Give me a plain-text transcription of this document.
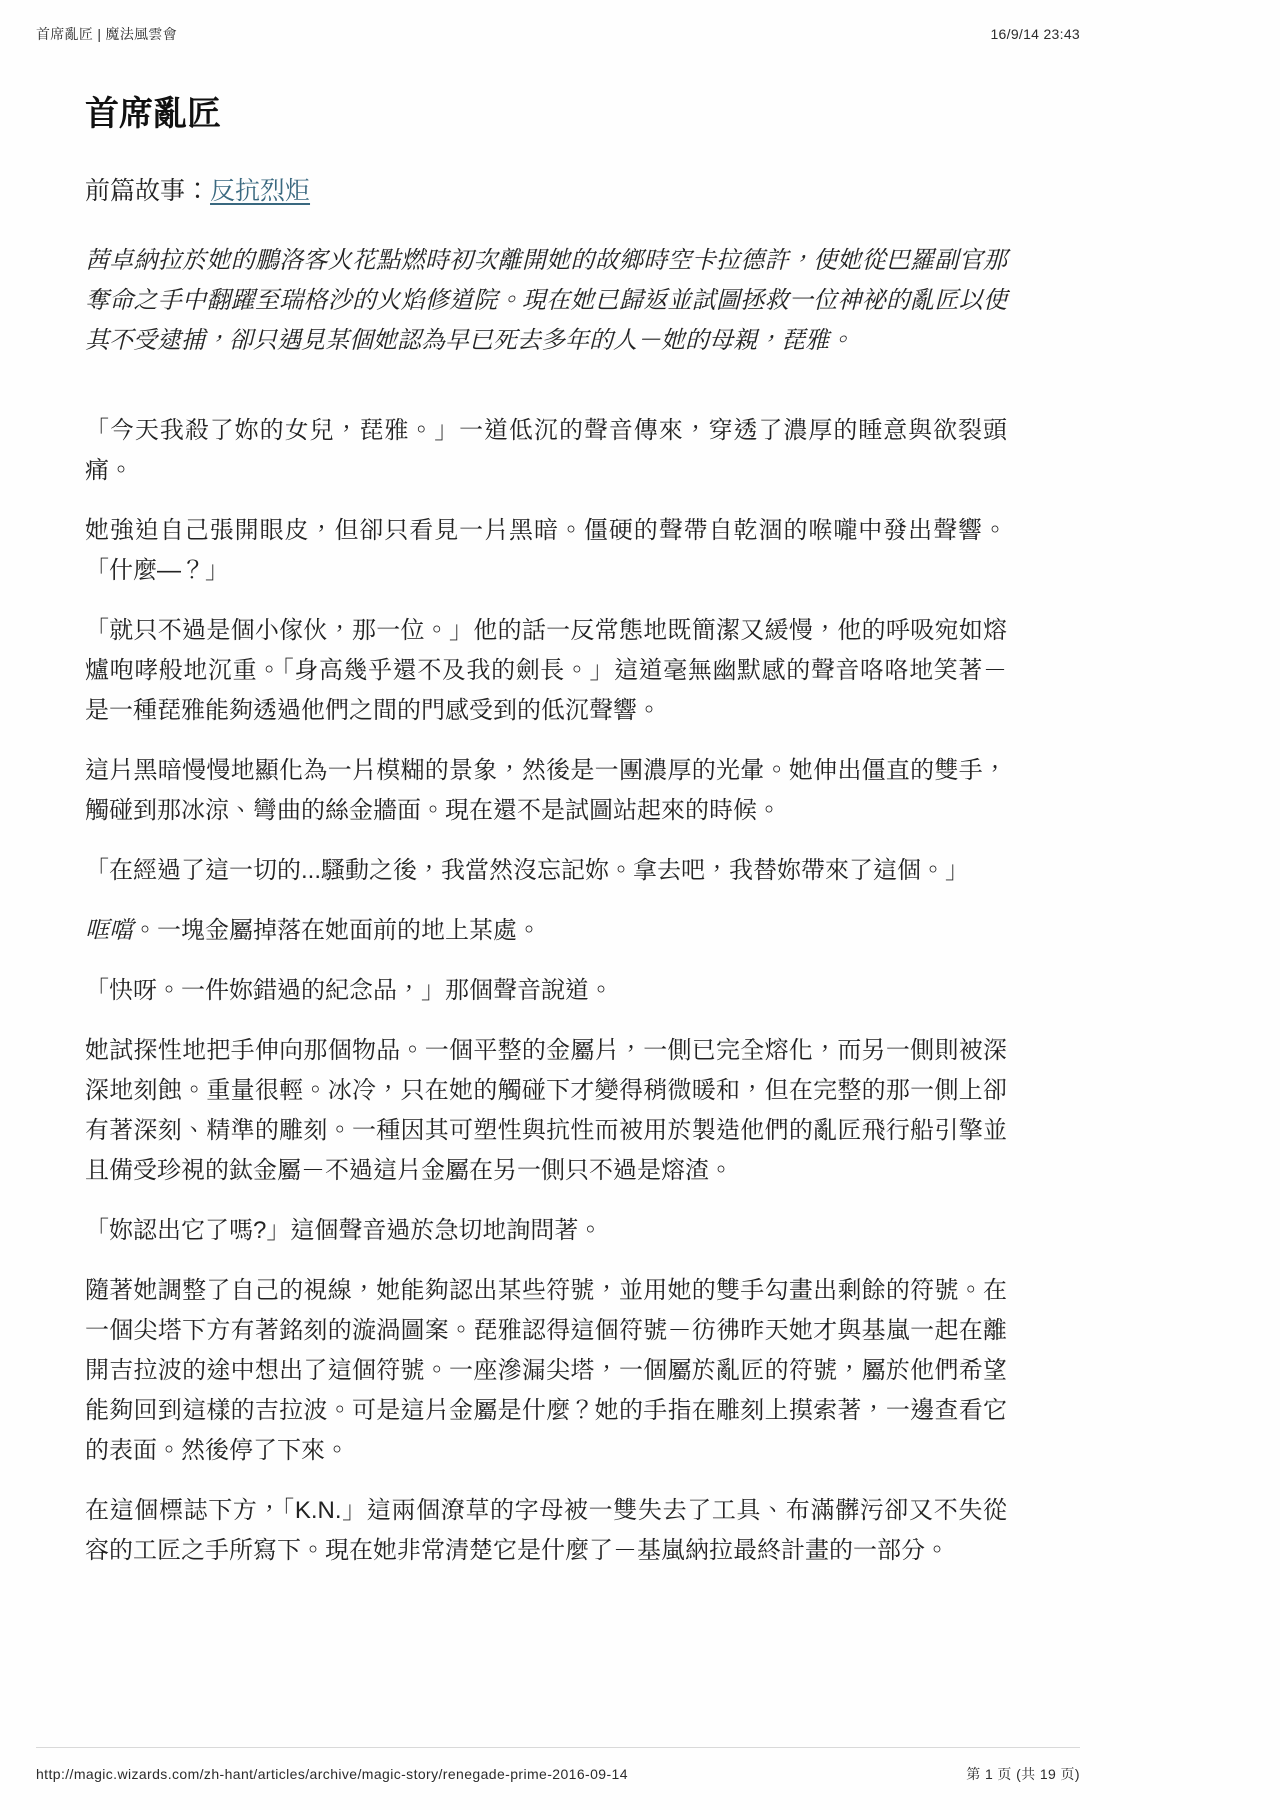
首席亂匠 | 魔法風雲會	16/9/14 23:43
首席亂匠

前篇故事：反抗烈炬

茜卓納拉於她的鵬洛客火花點燃時初次離開她的故鄉時空卡拉德許，使她從巴羅副官那奪命之手中翻躍至瑞格沙的火焰修道院。現在她已歸返並試圖拯救一位神祕的亂匠以使其不受逮捕，卻只遇見某個她認為早已死去多年的人－她的母親，琵雅。

「今天我殺了妳的女兒，琵雅。」一道低沉的聲音傳來，穿透了濃厚的睡意與欲裂頭痛。

她強迫自己張開眼皮，但卻只看見一片黑暗。僵硬的聲帶自乾涸的喉嚨中發出聲響。「什麼—？」

「就只不過是個小傢伙，那一位。」他的話一反常態地既簡潔又緩慢，他的呼吸宛如熔爐咆哮般地沉重。「身高幾乎還不及我的劍長。」這道毫無幽默感的聲音咯咯地笑著－是一種琵雅能夠透過他們之間的門感受到的低沉聲響。

這片黑暗慢慢地顯化為一片模糊的景象，然後是一團濃厚的光暈。她伸出僵直的雙手，觸碰到那冰涼、彎曲的絲金牆面。現在還不是試圖站起來的時候。

「在經過了這一切的...騷動之後，我當然沒忘記妳。拿去吧，我替妳帶來了這個。」

哐噹。一塊金屬掉落在她面前的地上某處。

「快呀。一件妳錯過的紀念品，」那個聲音說道。

她試探性地把手伸向那個物品。一個平整的金屬片，一側已完全熔化，而另一側則被深深地刻蝕。重量很輕。冰冷，只在她的觸碰下才變得稍微暖和，但在完整的那一側上卻有著深刻、精準的雕刻。一種因其可塑性與抗性而被用於製造他們的亂匠飛行船引擎並且備受珍視的鈦金屬－不過這片金屬在另一側只不過是熔渣。

「妳認出它了嗎?」這個聲音過於急切地詢問著。

隨著她調整了自己的視線，她能夠認出某些符號，並用她的雙手勾畫出剩餘的符號。在一個尖塔下方有著銘刻的漩渦圖案。琵雅認得這個符號－彷彿昨天她才與基嵐一起在離開吉拉波的途中想出了這個符號。一座滲漏尖塔，一個屬於亂匠的符號，屬於他們希望能夠回到這樣的吉拉波。可是這片金屬是什麼？她的手指在雕刻上摸索著，一邊查看它的表面。然後停了下來。

在這個標誌下方，「K.N.」這兩個潦草的字母被一雙失去了工具、布滿髒污卻又不失從容的工匠之手所寫下。現在她非常清楚它是什麼了－基嵐納拉最終計畫的一部分。

http://magic.wizards.com/zh-hant/articles/archive/magic-story/renegade-prime-2016-09-14	第 1 页 (共 19 页)
